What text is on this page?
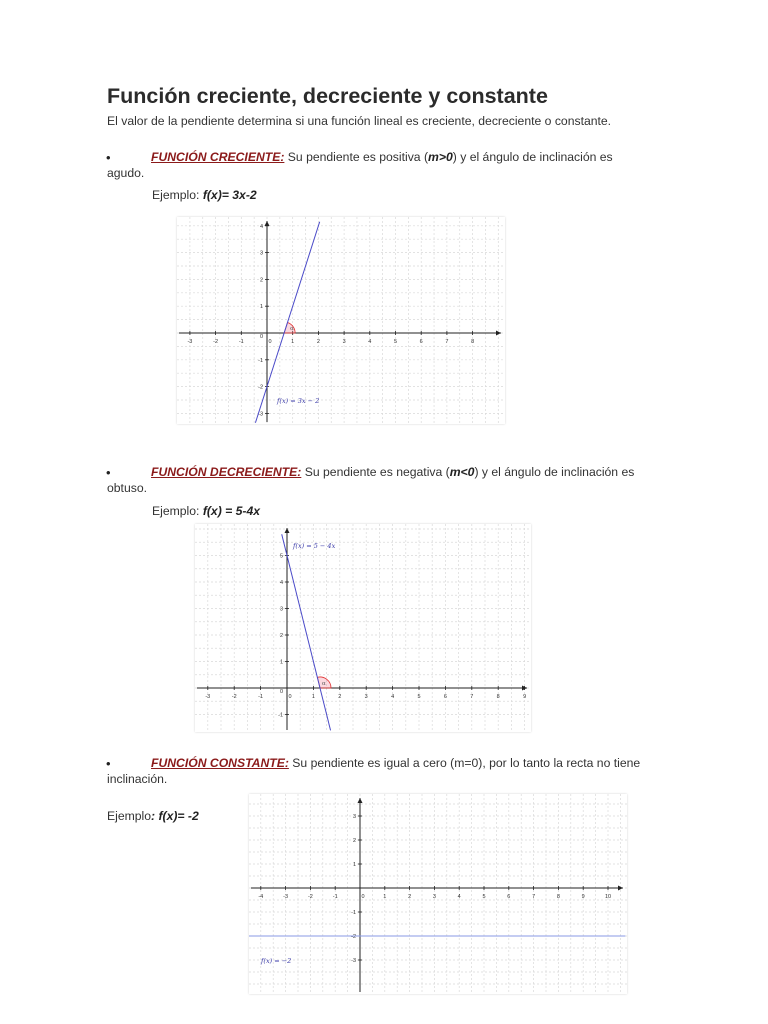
Función creciente, decreciente y constante
El valor de la pendiente determina si una función lineal es creciente, decreciente o constante.
•	FUNCIÓN CRECIENTE: Su pendiente es positiva (m>0) y el ángulo de inclinación es agudo.
Ejemplo: f(x)= 3x-2
-3	-2	-1	0	1	2	3	4	5	6	7	8
4
3
2
1
0
-1
-2
-3
α
f(x) = 3x − 2
•	FUNCIÓN DECRECIENTE: Su pendiente es negativa (m<0) y el ángulo de inclinación es obtuso.
Ejemplo: f(x) = 5-4x
-3	-2	-1	0	1	2	3	4	5	6	7	8	9
5
4
3
2
1
0
-1
α
f(x) = 5 − 4x
•	FUNCIÓN CONSTANTE: Su pendiente es igual a cero (m=0), por lo tanto la recta no tiene inclinación.
Ejemplo: f(x)= -2
-4	-3	-2	-1	0	1	2	3	4	5	6	7	8	9	10
3
2
1
-1
-2
-3
f(x) = −2
